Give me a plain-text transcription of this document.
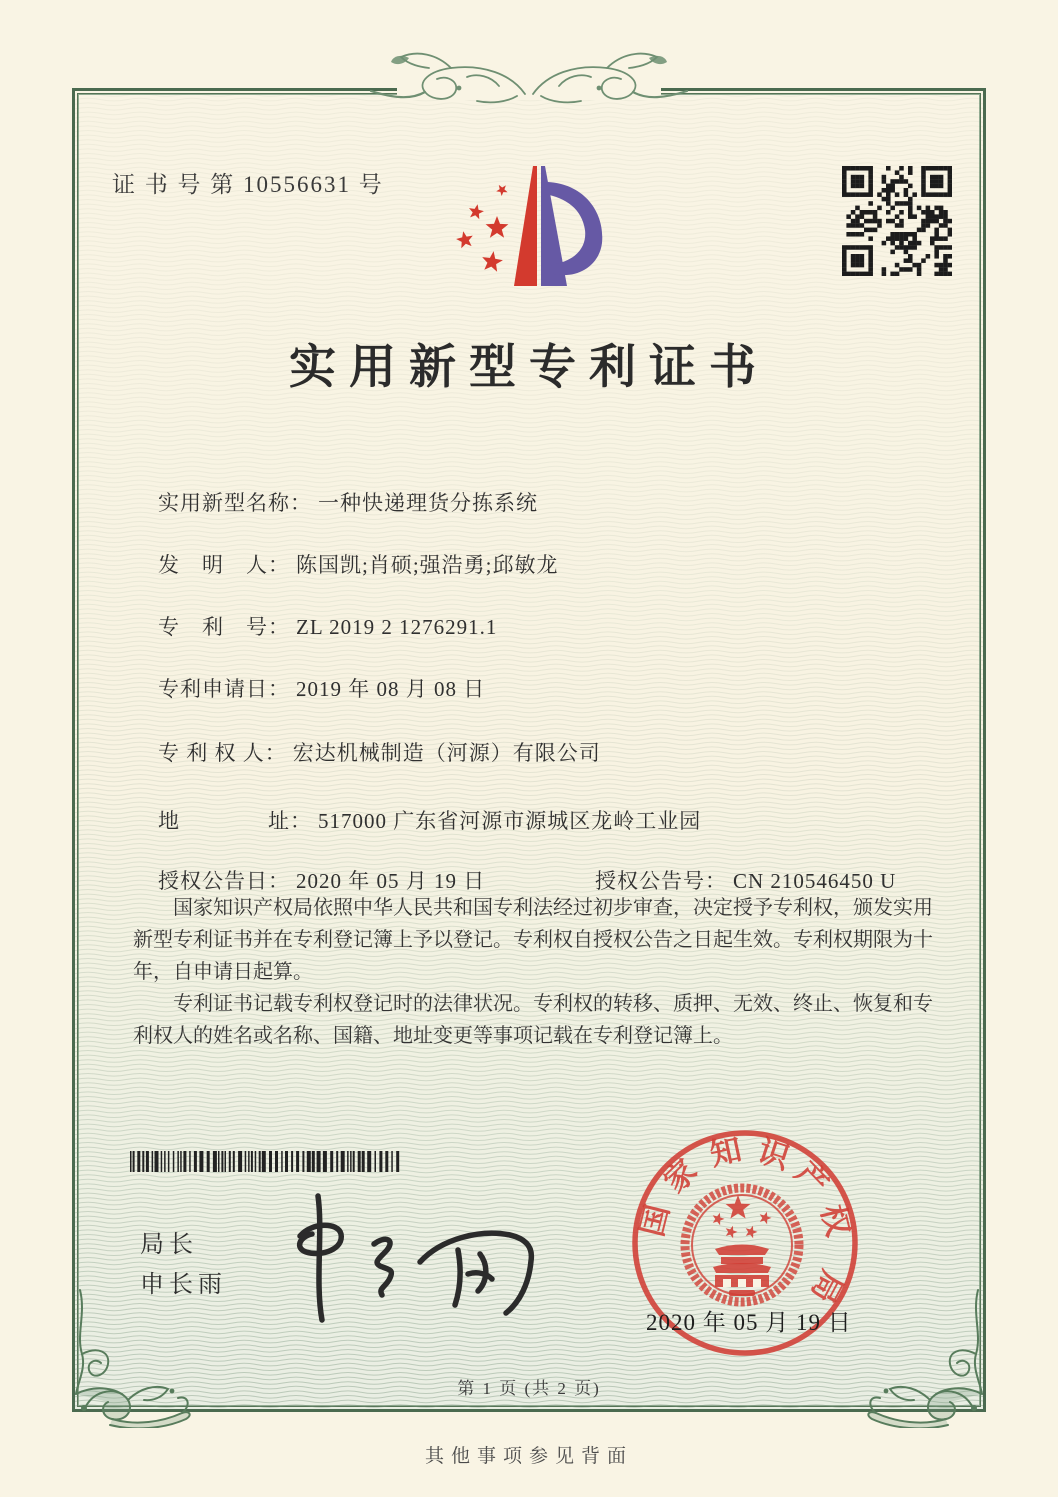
证 书 号 第 10556631 号
实用新型专利证书

实用新型名称： 一种快递理货分拣系统

发　明　人： 陈国凯;肖硕;强浩勇;邱敏龙

专　利　号： ZL 2019 2 1276291.1

专利申请日： 2019 年 08 月 08 日

专 利 权 人： 宏达机械制造（河源）有限公司

地　　　　址： 517000 广东省河源市源城区龙岭工业园

授权公告日： 2020 年 05 月 19 日
	授权公告号： CN 210546450 U

国家知识产权局依照中华人民共和国专利法经过初步审查，决定授予专利权，颁发实用新型专利证书并在专利登记簿上予以登记。专利权自授权公告之日起生效。专利权期限为十年，自申请日起算。

专利证书记载专利权登记时的法律状况。专利权的转移、质押、无效、终止、恢复和专利权人的姓名或名称、国籍、地址变更等事项记载在专利登记簿上。

局长
申长雨
国
家
知 识
产
权
局
2020 年 05 月 19 日
第 1 页 (共 2 页)
其他事项参见背面
